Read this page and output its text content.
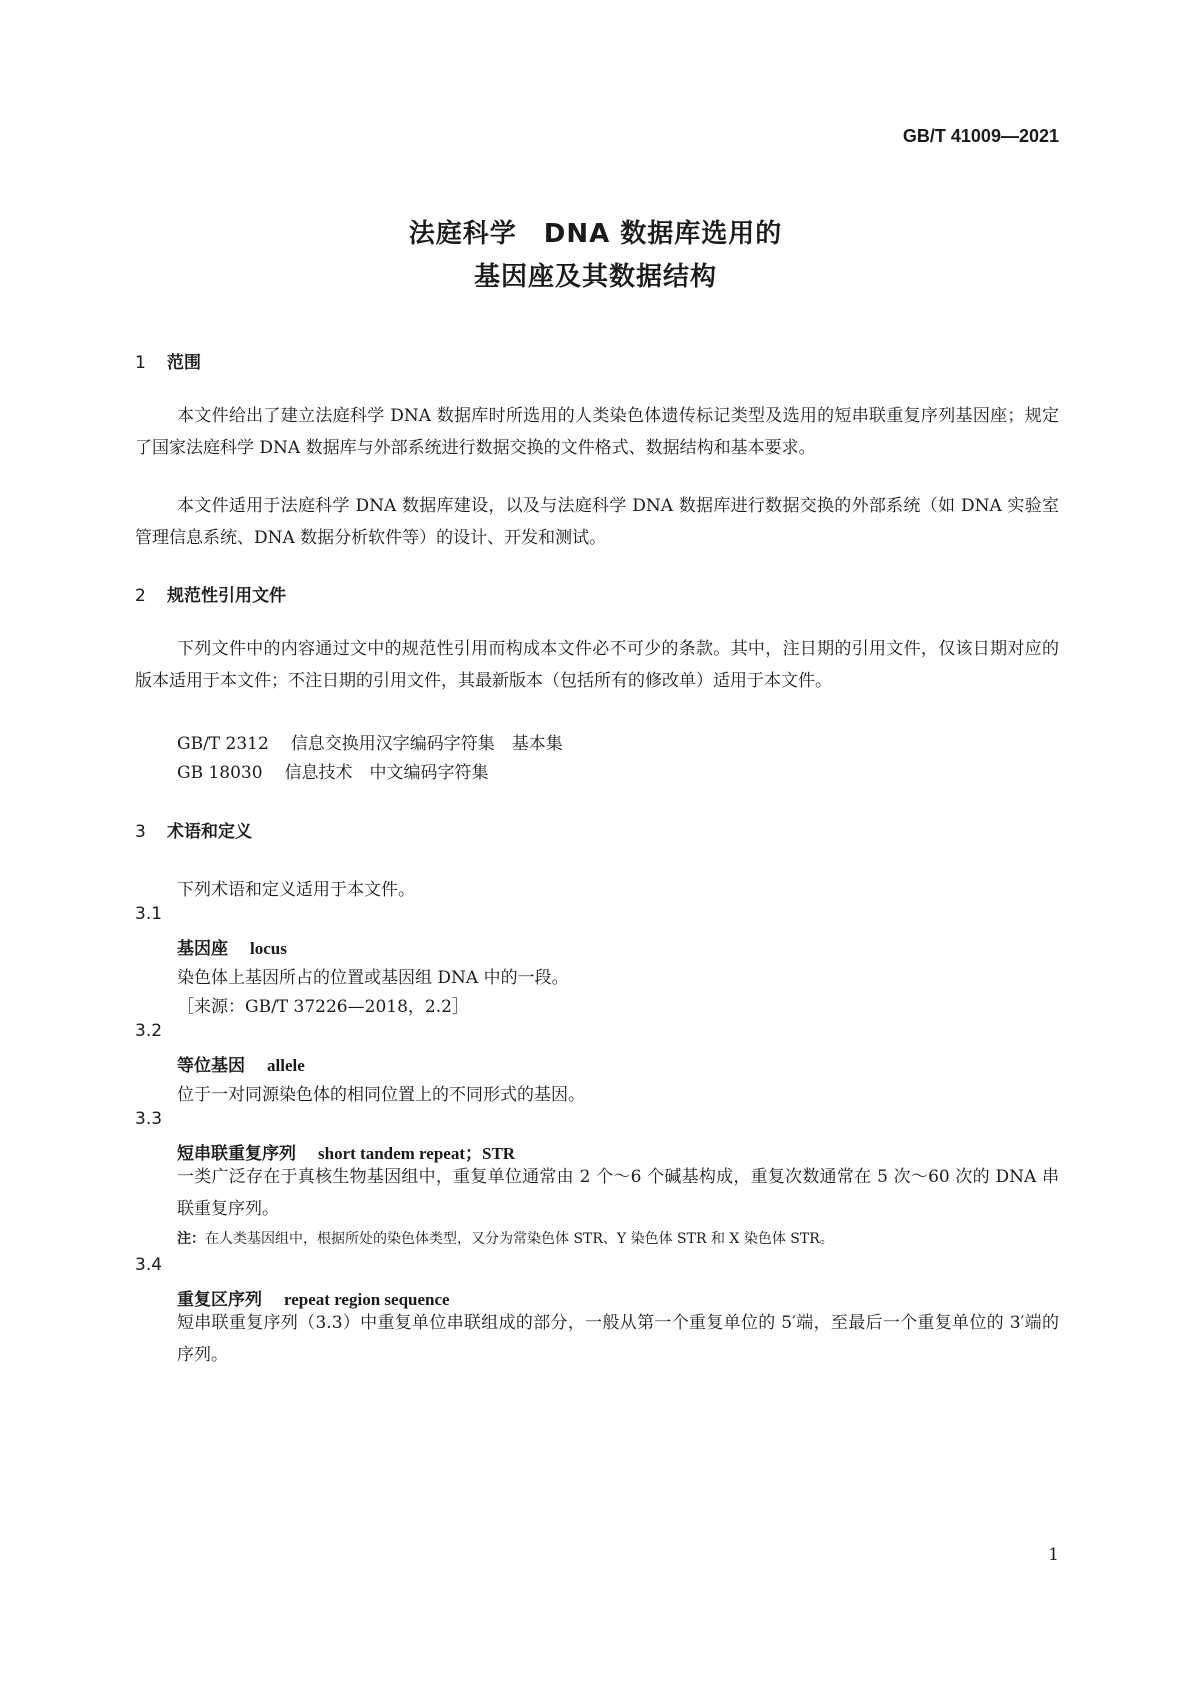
GB/T 41009—2021
法庭科学　DNA 数据库选用的
基因座及其数据结构
1 范围
本文件给出了建立法庭科学 DNA 数据库时所选用的人类染色体遗传标记类型及选用的短串联重复序列基因座；规定了国家法庭科学 DNA 数据库与外部系统进行数据交换的文件格式、数据结构和基本要求。
本文件适用于法庭科学 DNA 数据库建设，以及与法庭科学 DNA 数据库进行数据交换的外部系统（如 DNA 实验室管理信息系统、DNA 数据分析软件等）的设计、开发和测试。
2 规范性引用文件
下列文件中的内容通过文中的规范性引用而构成本文件必不可少的条款。其中，注日期的引用文件，仅该日期对应的版本适用于本文件；不注日期的引用文件，其最新版本（包括所有的修改单）适用于本文件。
GB/T 2312 信息交换用汉字编码字符集　基本集
GB 18030 信息技术　中文编码字符集
3 术语和定义
下列术语和定义适用于本文件。
3.1
基因座 locus
染色体上基因所占的位置或基因组 DNA 中的一段。
［来源：GB/T 37226—2018，2.2］
3.2
等位基因 allele
位于一对同源染色体的相同位置上的不同形式的基因。
3.3
短串联重复序列 short tandem repeat；STR
一类广泛存在于真核生物基因组中，重复单位通常由 2 个～6 个碱基构成，重复次数通常在 5 次～60 次的 DNA 串联重复序列。
注：在人类基因组中，根据所处的染色体类型，又分为常染色体 STR、Y 染色体 STR 和 X 染色体 STR。
3.4
重复区序列 repeat region sequence
短串联重复序列（3.3）中重复单位串联组成的部分，一般从第一个重复单位的 5′端，至最后一个重复单位的 3′端的序列。
1
